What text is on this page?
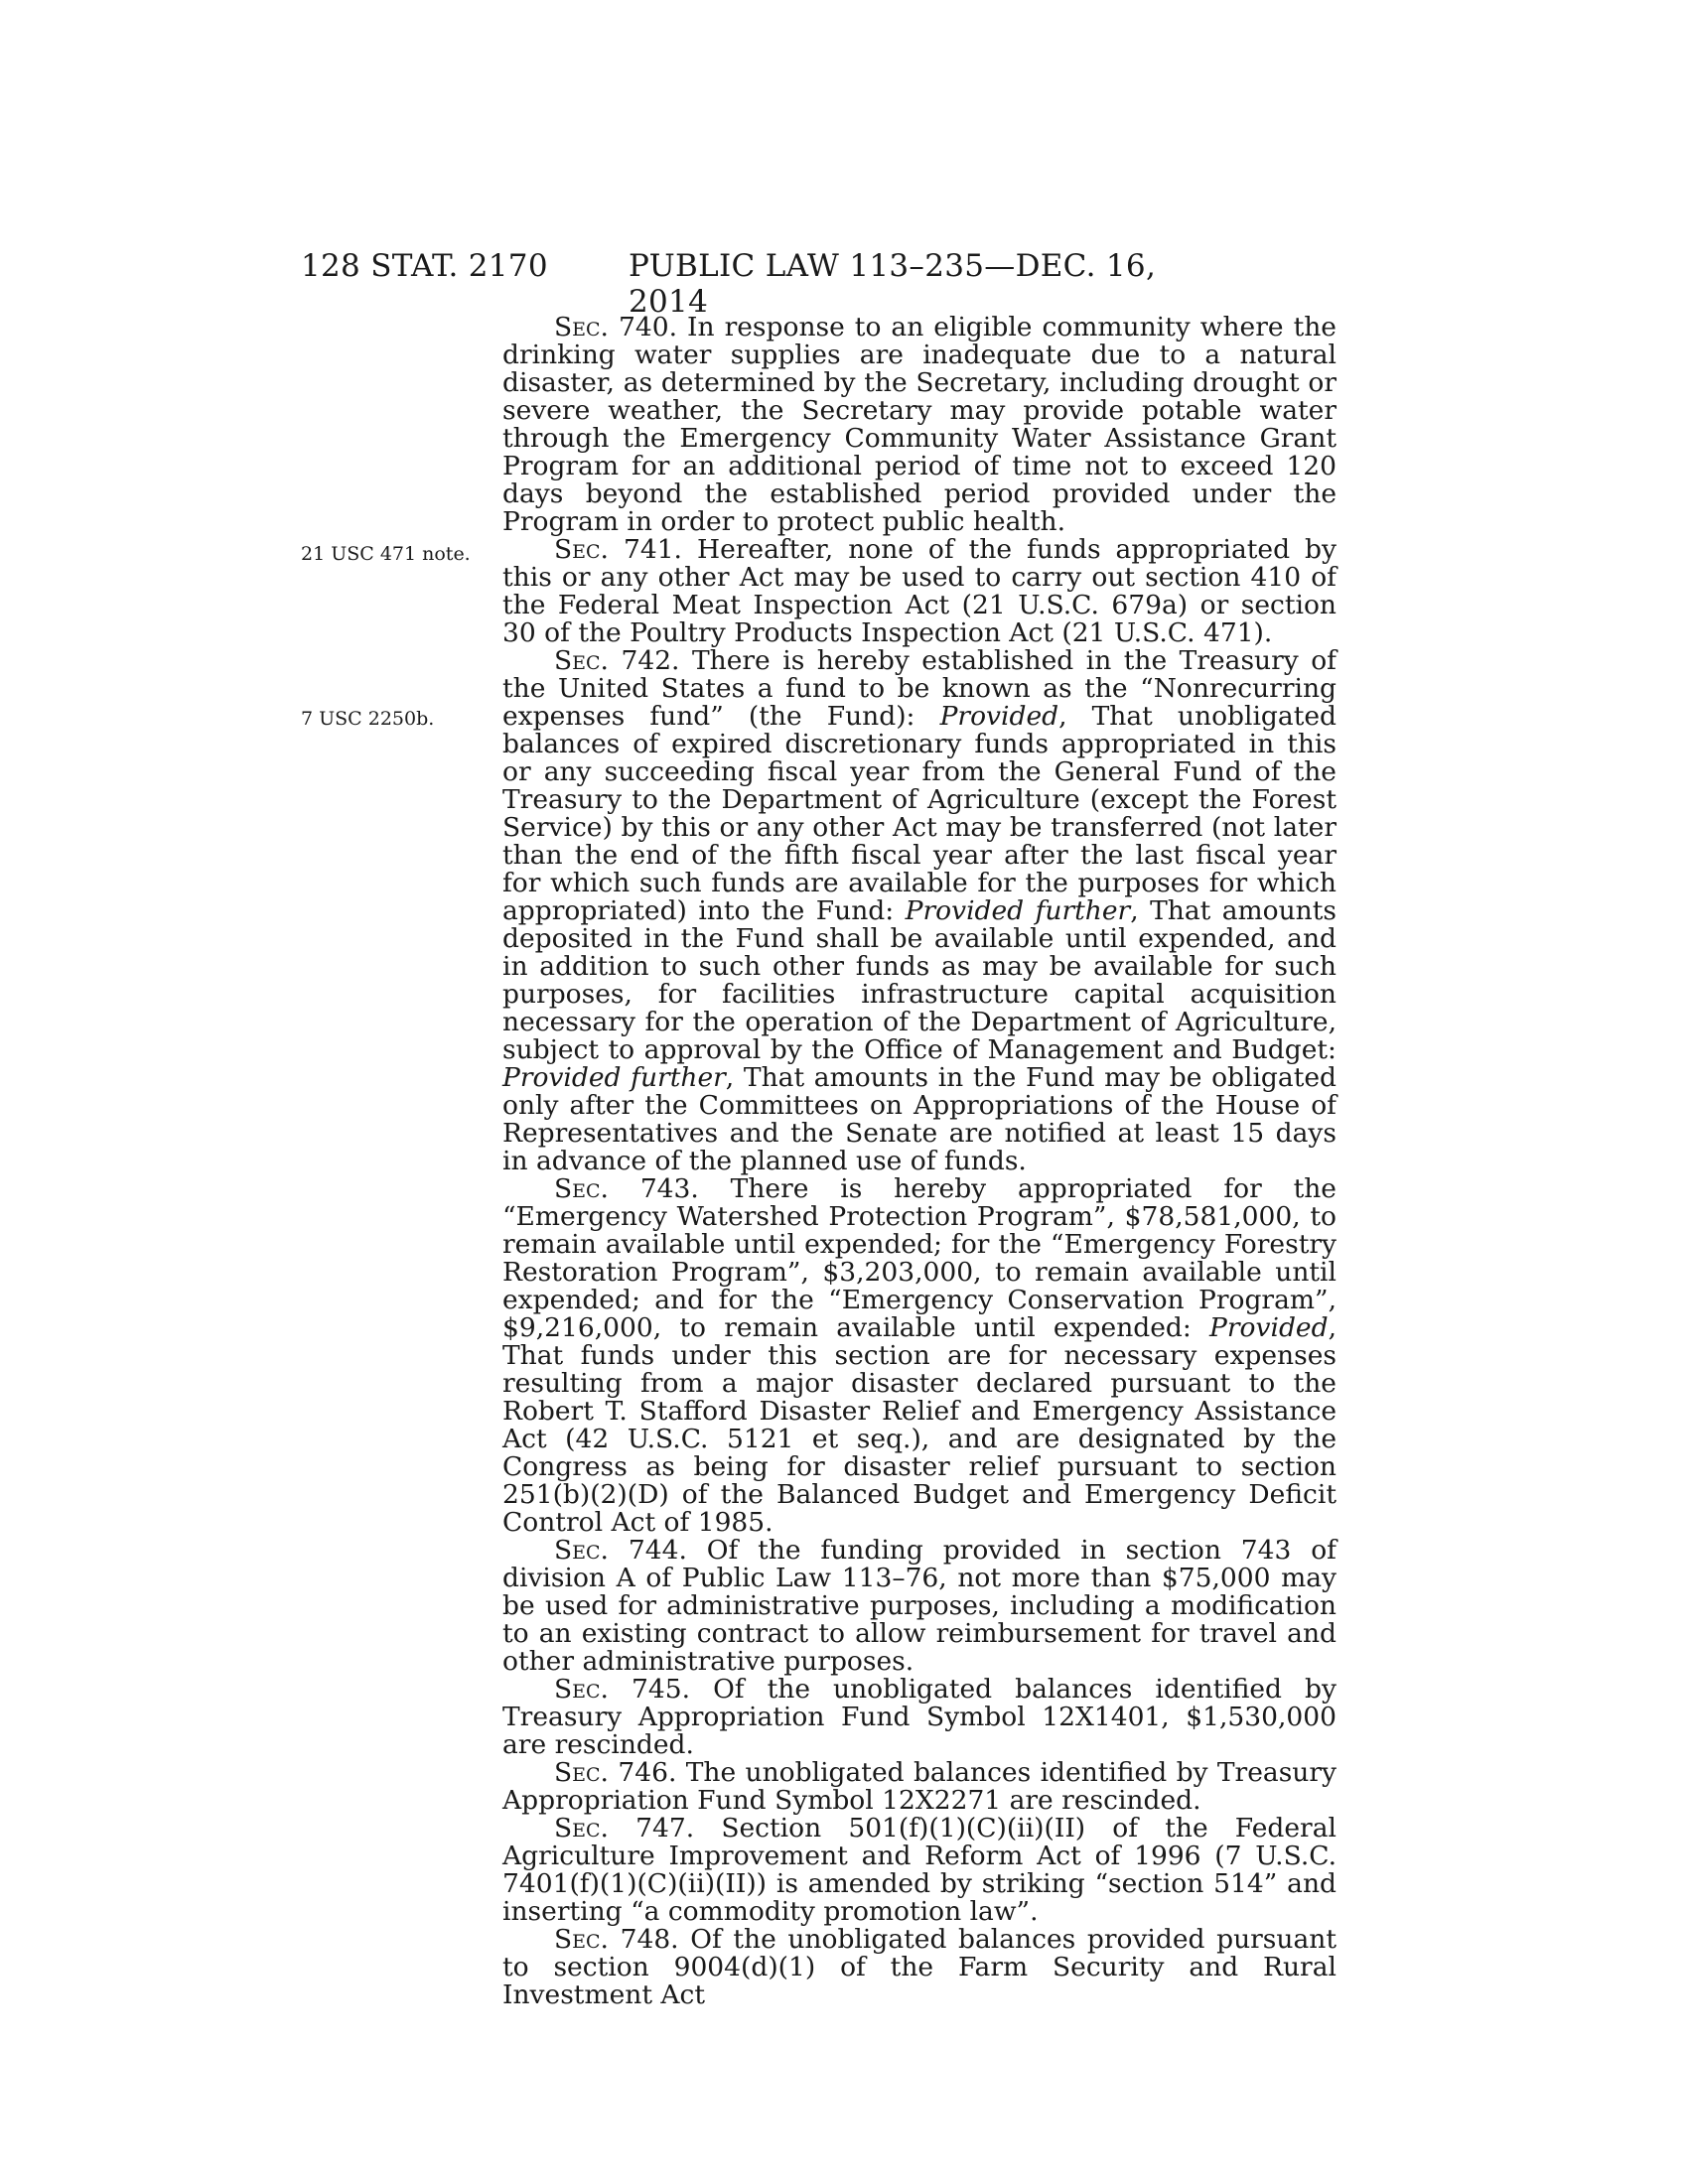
128 STAT. 2170	PUBLIC LAW 113–235—DEC. 16, 2014
21 USC 471 note.
7 USC 2250b.

Sec. 740. In response to an eligible community where the drinking water supplies are inadequate due to a natural disaster, as determined by the Secretary, including drought or severe weather, the Secretary may provide potable water through the Emergency Community Water Assistance Grant Program for an additional period of time not to exceed 120 days beyond the established period provided under the Program in order to protect public health.

Sec. 741. Hereafter, none of the funds appropriated by this or any other Act may be used to carry out section 410 of the Federal Meat Inspection Act (21 U.S.C. 679a) or section 30 of the Poultry Products Inspection Act (21 U.S.C. 471).

Sec. 742. There is hereby established in the Treasury of the United States a fund to be known as the “Nonrecurring expenses fund” (the Fund): Provided, That unobligated balances of expired discretionary funds appropriated in this or any succeeding fiscal year from the General Fund of the Treasury to the Department of Agriculture (except the Forest Service) by this or any other Act may be transferred (not later than the end of the fifth fiscal year after the last fiscal year for which such funds are available for the purposes for which appropriated) into the Fund: Provided further, That amounts deposited in the Fund shall be available until expended, and in addition to such other funds as may be available for such purposes, for facilities infrastructure capital acquisition necessary for the operation of the Department of Agriculture, subject to approval by the Office of Management and Budget: Provided further, That amounts in the Fund may be obligated only after the Committees on Appropriations of the House of Representatives and the Senate are notified at least 15 days in advance of the planned use of funds.

Sec. 743. There is hereby appropriated for the “Emergency Watershed Protection Program”, $78,581,000, to remain available until expended; for the “Emergency Forestry Restoration Program”, $3,203,000, to remain available until expended; and for the “Emergency Conservation Program”, $9,216,000, to remain available until expended: Provided, That funds under this section are for necessary expenses resulting from a major disaster declared pursuant to the Robert T. Stafford Disaster Relief and Emergency Assistance Act (42 U.S.C. 5121 et seq.), and are designated by the Congress as being for disaster relief pursuant to section 251(b)(2)(D) of the Balanced Budget and Emergency Deficit Control Act of 1985.

Sec. 744. Of the funding provided in section 743 of division A of Public Law 113–76, not more than $75,000 may be used for administrative purposes, including a modification to an existing contract to allow reimbursement for travel and other administrative purposes.

Sec. 745. Of the unobligated balances identified by Treasury Appropriation Fund Symbol 12X1401, $1,530,000 are rescinded.

Sec. 746. The unobligated balances identified by Treasury Appropriation Fund Symbol 12X2271 are rescinded.

Sec. 747. Section 501(f)(1)(C)(ii)(II) of the Federal Agriculture Improvement and Reform Act of 1996 (7 U.S.C. 7401(f)(1)(C)(ii)(II)) is amended by striking “section 514” and inserting “a commodity promotion law”.

Sec. 748. Of the unobligated balances provided pursuant to section 9004(d)(1) of the Farm Security and Rural Investment Act
